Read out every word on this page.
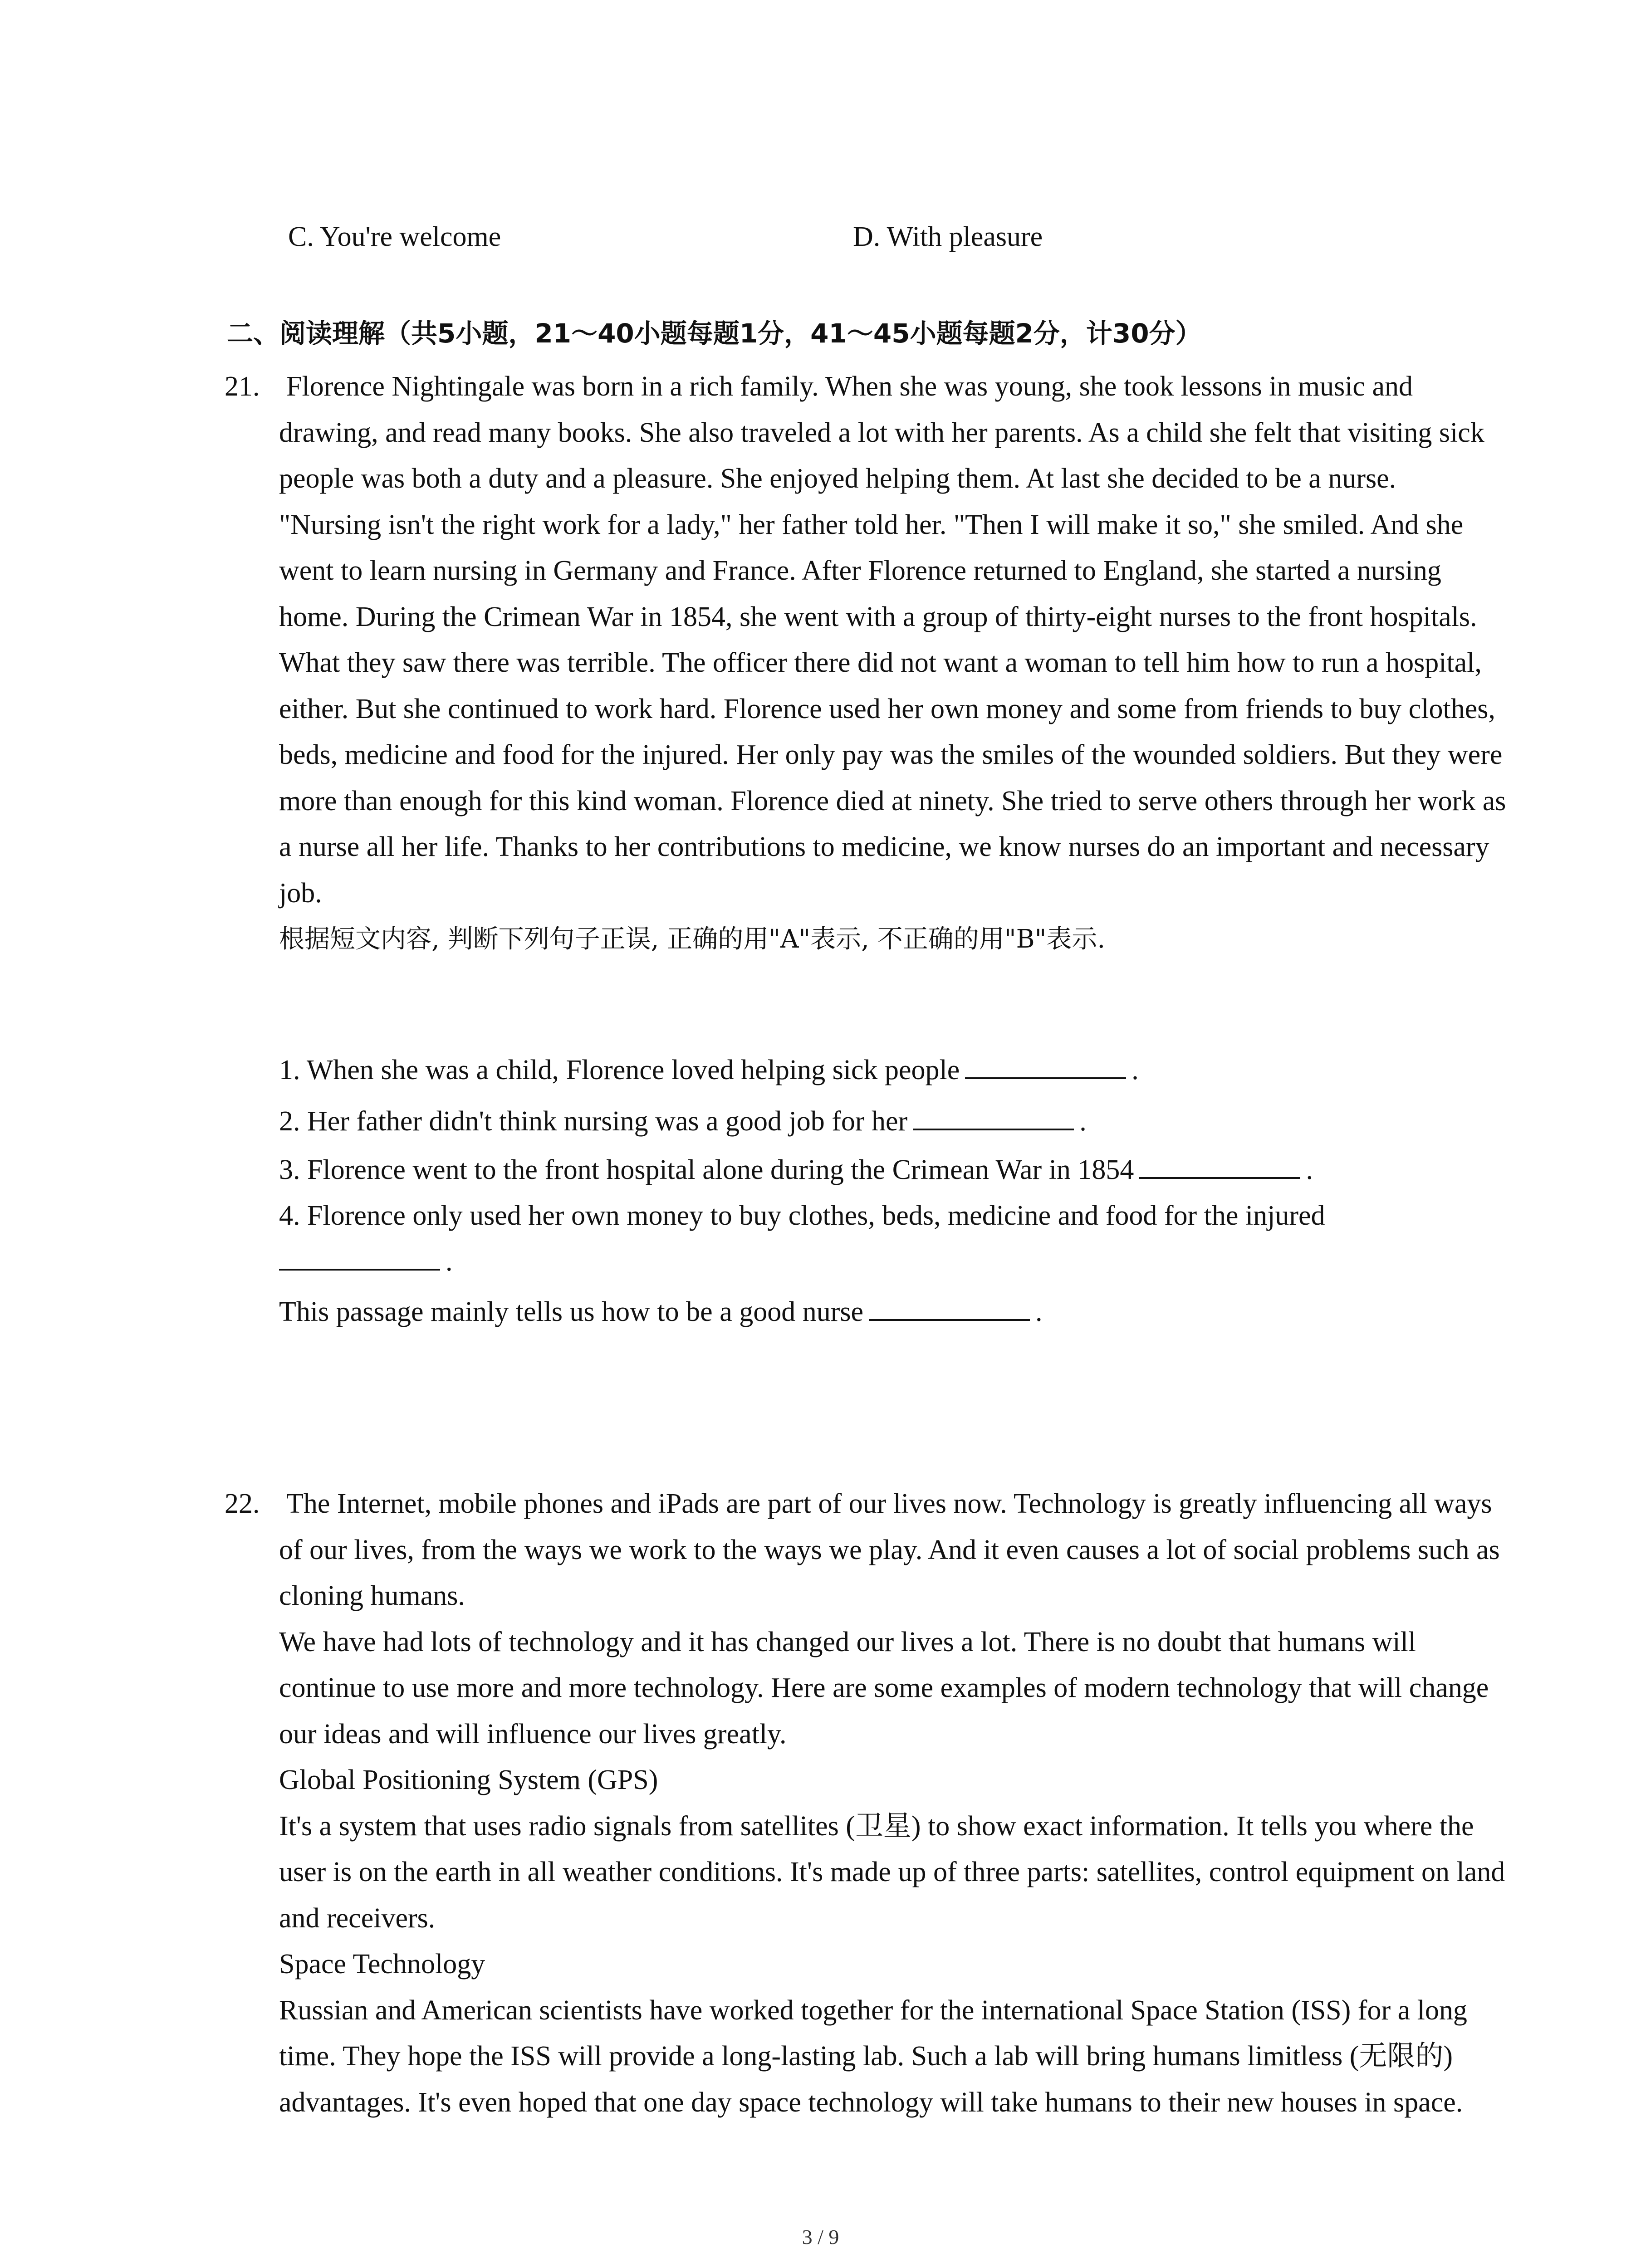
C. You're welcome	D. With pleasure
二、阅读理解（共5小题，21～40小题每题1分，41～45小题每题2分，计30分）
21. Florence Nightingale was born in a rich family. When she was young, she took lessons in music and drawing, and read many books. She also traveled a lot with her parents. As a child she felt that visiting sick people was both a duty and a pleasure. She enjoyed helping them. At last she decided to be a nurse.

"Nursing isn't the right work for a lady," her father told her. "Then I will make it so," she smiled. And she went to learn nursing in Germany and France. After Florence returned to England, she started a nursing home. During the Crimean War in 1854, she went with a group of thirty-eight nurses to the front hospitals. What they saw there was terrible. The officer there did not want a woman to tell him how to run a hospital, either. But she continued to work hard. Florence used her own money and some from friends to buy clothes, beds, medicine and food for the injured. Her only pay was the smiles of the wounded soldiers. But they were more than enough for this kind woman. Florence died at ninety. She tried to serve others through her work as a nurse all her life. Thanks to her contributions to medicine, we know nurses do an important and necessary job.

根据短文内容, 判断下列句子正误, 正确的用"A"表示, 不正确的用"B"表示.

1. When she was a child, Florence loved helping sick people	.

2. Her father didn't think nursing was a good job for her	.

3. Florence went to the front hospital alone during the Crimean War in 1854	.

4. Florence only used her own money to buy clothes, beds, medicine and food for the injured

.

This passage mainly tells us how to be a good nurse	.

22. The Internet, mobile phones and iPads are part of our lives now. Technology is greatly influencing all ways of our lives, from the ways we work to the ways we play. And it even causes a lot of social problems such as cloning humans.

We have had lots of technology and it has changed our lives a lot. There is no doubt that humans will continue to use more and more technology. Here are some examples of modern technology that will change our ideas and will influence our lives greatly.

Global Positioning System (GPS)

It's a system that uses radio signals from satellites (卫星) to show exact information. It tells you where the user is on the earth in all weather conditions. It's made up of three parts: satellites, control equipment on land and receivers.

Space Technology

Russian and American scientists have worked together for the international Space Station (ISS) for a long time. They hope the ISS will provide a long-lasting lab. Such a lab will bring humans limitless (无限的) advantages. It's even hoped that one day space technology will take humans to their new houses in space.

3 / 9
